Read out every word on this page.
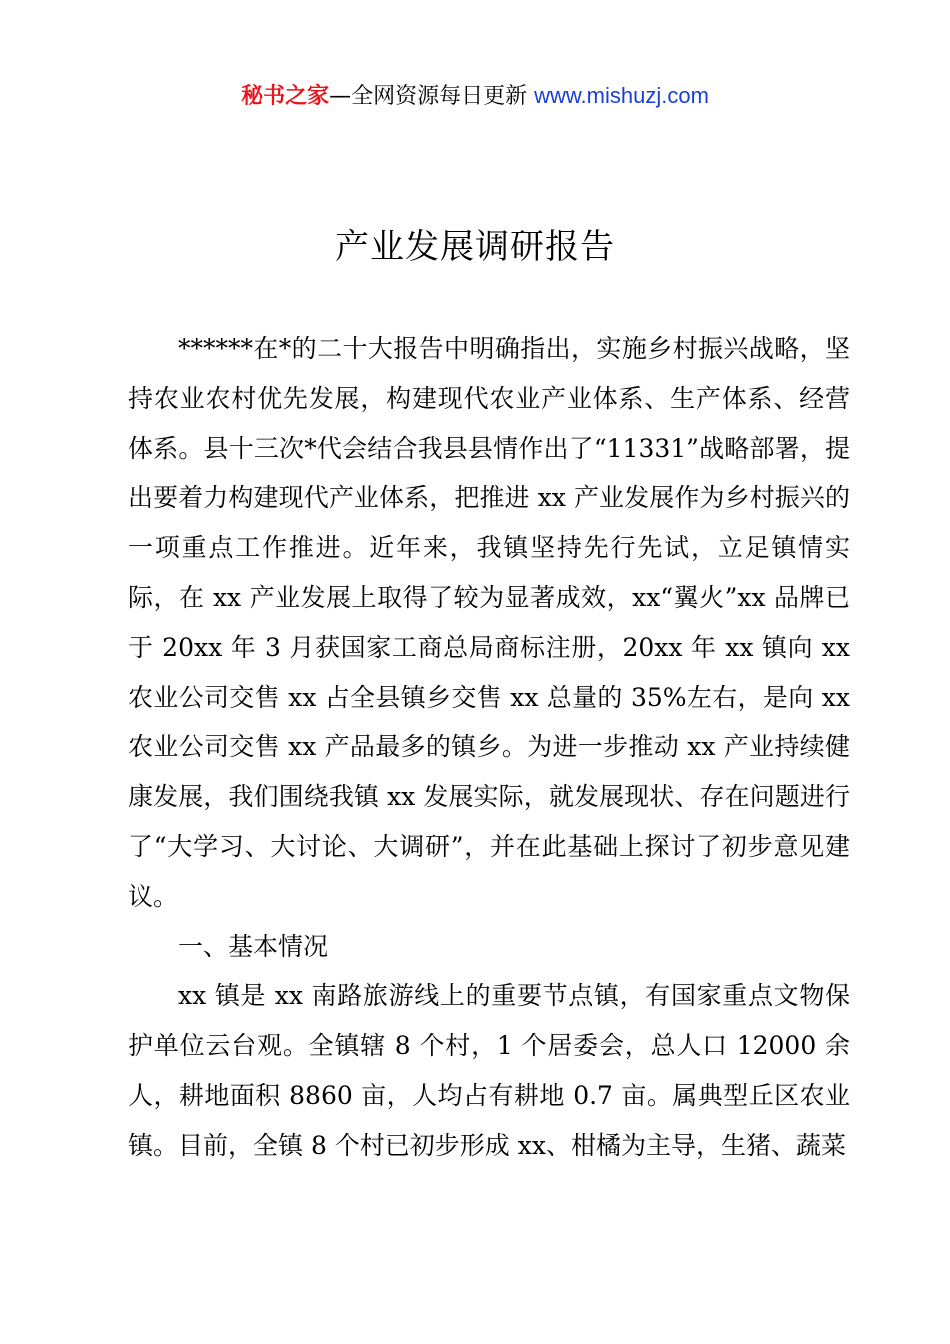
秘书之家—全网资源每日更新 www.mishuzj.com
产业发展调研报告

******在*的二十大报告中明确指出，实施乡村振兴战略，坚持农业农村优先发展，构建现代农业产业体系、生产体系、经营体系。县十三次*代会结合我县县情作出了“11331”战略部署，提出要着力构建现代产业体系，把推进 xx 产业发展作为乡村振兴的一项重点工作推进。近年来，我镇坚持先行先试，立足镇情实际，在 xx 产业发展上取得了较为显著成效，xx“翼火”xx 品牌已于 20xx 年 3 月获国家工商总局商标注册，20xx 年 xx 镇向 xx 农业公司交售 xx 占全县镇乡交售 xx 总量的 35%左右，是向 xx 农业公司交售 xx 产品最多的镇乡。为进一步推动 xx 产业持续健康发展，我们围绕我镇 xx 发展实际，就发展现状、存在问题进行了“大学习、大讨论、大调研”，并在此基础上探讨了初步意见建议。

一、基本情况

xx 镇是 xx 南路旅游线上的重要节点镇，有国家重点文物保护单位云台观。全镇辖 8 个村，1 个居委会，总人口 12000 余人，耕地面积 8860 亩，人均占有耕地 0.7 亩。属典型丘区农业镇。目前，全镇 8 个村已初步形成 xx、柑橘为主导，生猪、蔬菜
